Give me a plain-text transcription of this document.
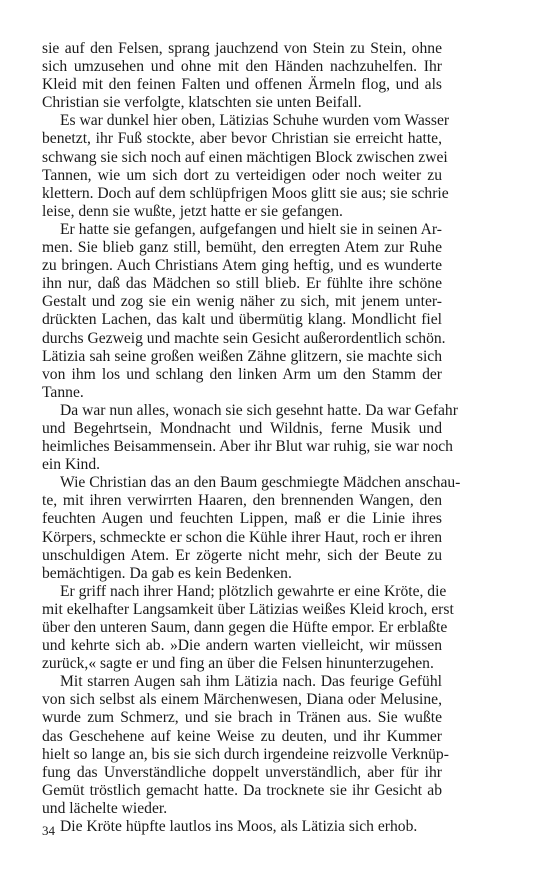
sie auf den Felsen, sprang jauchzend von Stein zu Stein, ohne
sich umzusehen und ohne mit den Händen nachzuhelfen. Ihr
Kleid mit den feinen Falten und offenen Ärmeln flog, und als
Christian sie verfolgte, klatschten sie unten Beifall.
Es war dunkel hier oben, Lätizias Schuhe wurden vom Wasser
benetzt, ihr Fuß stockte, aber bevor Christian sie erreicht hatte,
schwang sie sich noch auf einen mächtigen Block zwischen zwei
Tannen, wie um sich dort zu verteidigen oder noch weiter zu
klettern. Doch auf dem schlüpfrigen Moos glitt sie aus; sie schrie
leise, denn sie wußte, jetzt hatte er sie gefangen.
Er hatte sie gefangen, aufgefangen und hielt sie in seinen Ar-
men. Sie blieb ganz still, bemüht, den erregten Atem zur Ruhe
zu bringen. Auch Christians Atem ging heftig, und es wunderte
ihn nur, daß das Mädchen so still blieb. Er fühlte ihre schöne
Gestalt und zog sie ein wenig näher zu sich, mit jenem unter-
drückten Lachen, das kalt und übermütig klang. Mondlicht fiel
durchs Gezweig und machte sein Gesicht außerordentlich schön.
Lätizia sah seine großen weißen Zähne glitzern, sie machte sich
von ihm los und schlang den linken Arm um den Stamm der
Tanne.
Da war nun alles, wonach sie sich gesehnt hatte. Da war Gefahr
und Begehrtsein, Mondnacht und Wildnis, ferne Musik und
heimliches Beisammensein. Aber ihr Blut war ruhig, sie war noch
ein Kind.
Wie Christian das an den Baum geschmiegte Mädchen anschau-
te, mit ihren verwirrten Haaren, den brennenden Wangen, den
feuchten Augen und feuchten Lippen, maß er die Linie ihres
Körpers, schmeckte er schon die Kühle ihrer Haut, roch er ihren
unschuldigen Atem. Er zögerte nicht mehr, sich der Beute zu
bemächtigen. Da gab es kein Bedenken.
Er griff nach ihrer Hand; plötzlich gewahrte er eine Kröte, die
mit ekelhafter Langsamkeit über Lätizias weißes Kleid kroch, erst
über den unteren Saum, dann gegen die Hüfte empor. Er erblaßte
und kehrte sich ab. »Die andern warten vielleicht, wir müssen
zurück,« sagte er und fing an über die Felsen hinunterzugehen.
Mit starren Augen sah ihm Lätizia nach. Das feurige Gefühl
von sich selbst als einem Märchenwesen, Diana oder Melusine,
wurde zum Schmerz, und sie brach in Tränen aus. Sie wußte
das Geschehene auf keine Weise zu deuten, und ihr Kummer
hielt so lange an, bis sie sich durch irgendeine reizvolle Verknüp-
fung das Unverständliche doppelt unverständlich, aber für ihr
Gemüt tröstlich gemacht hatte. Da trocknete sie ihr Gesicht ab
und lächelte wieder.
Die Kröte hüpfte lautlos ins Moos, als Lätizia sich erhob.
34
